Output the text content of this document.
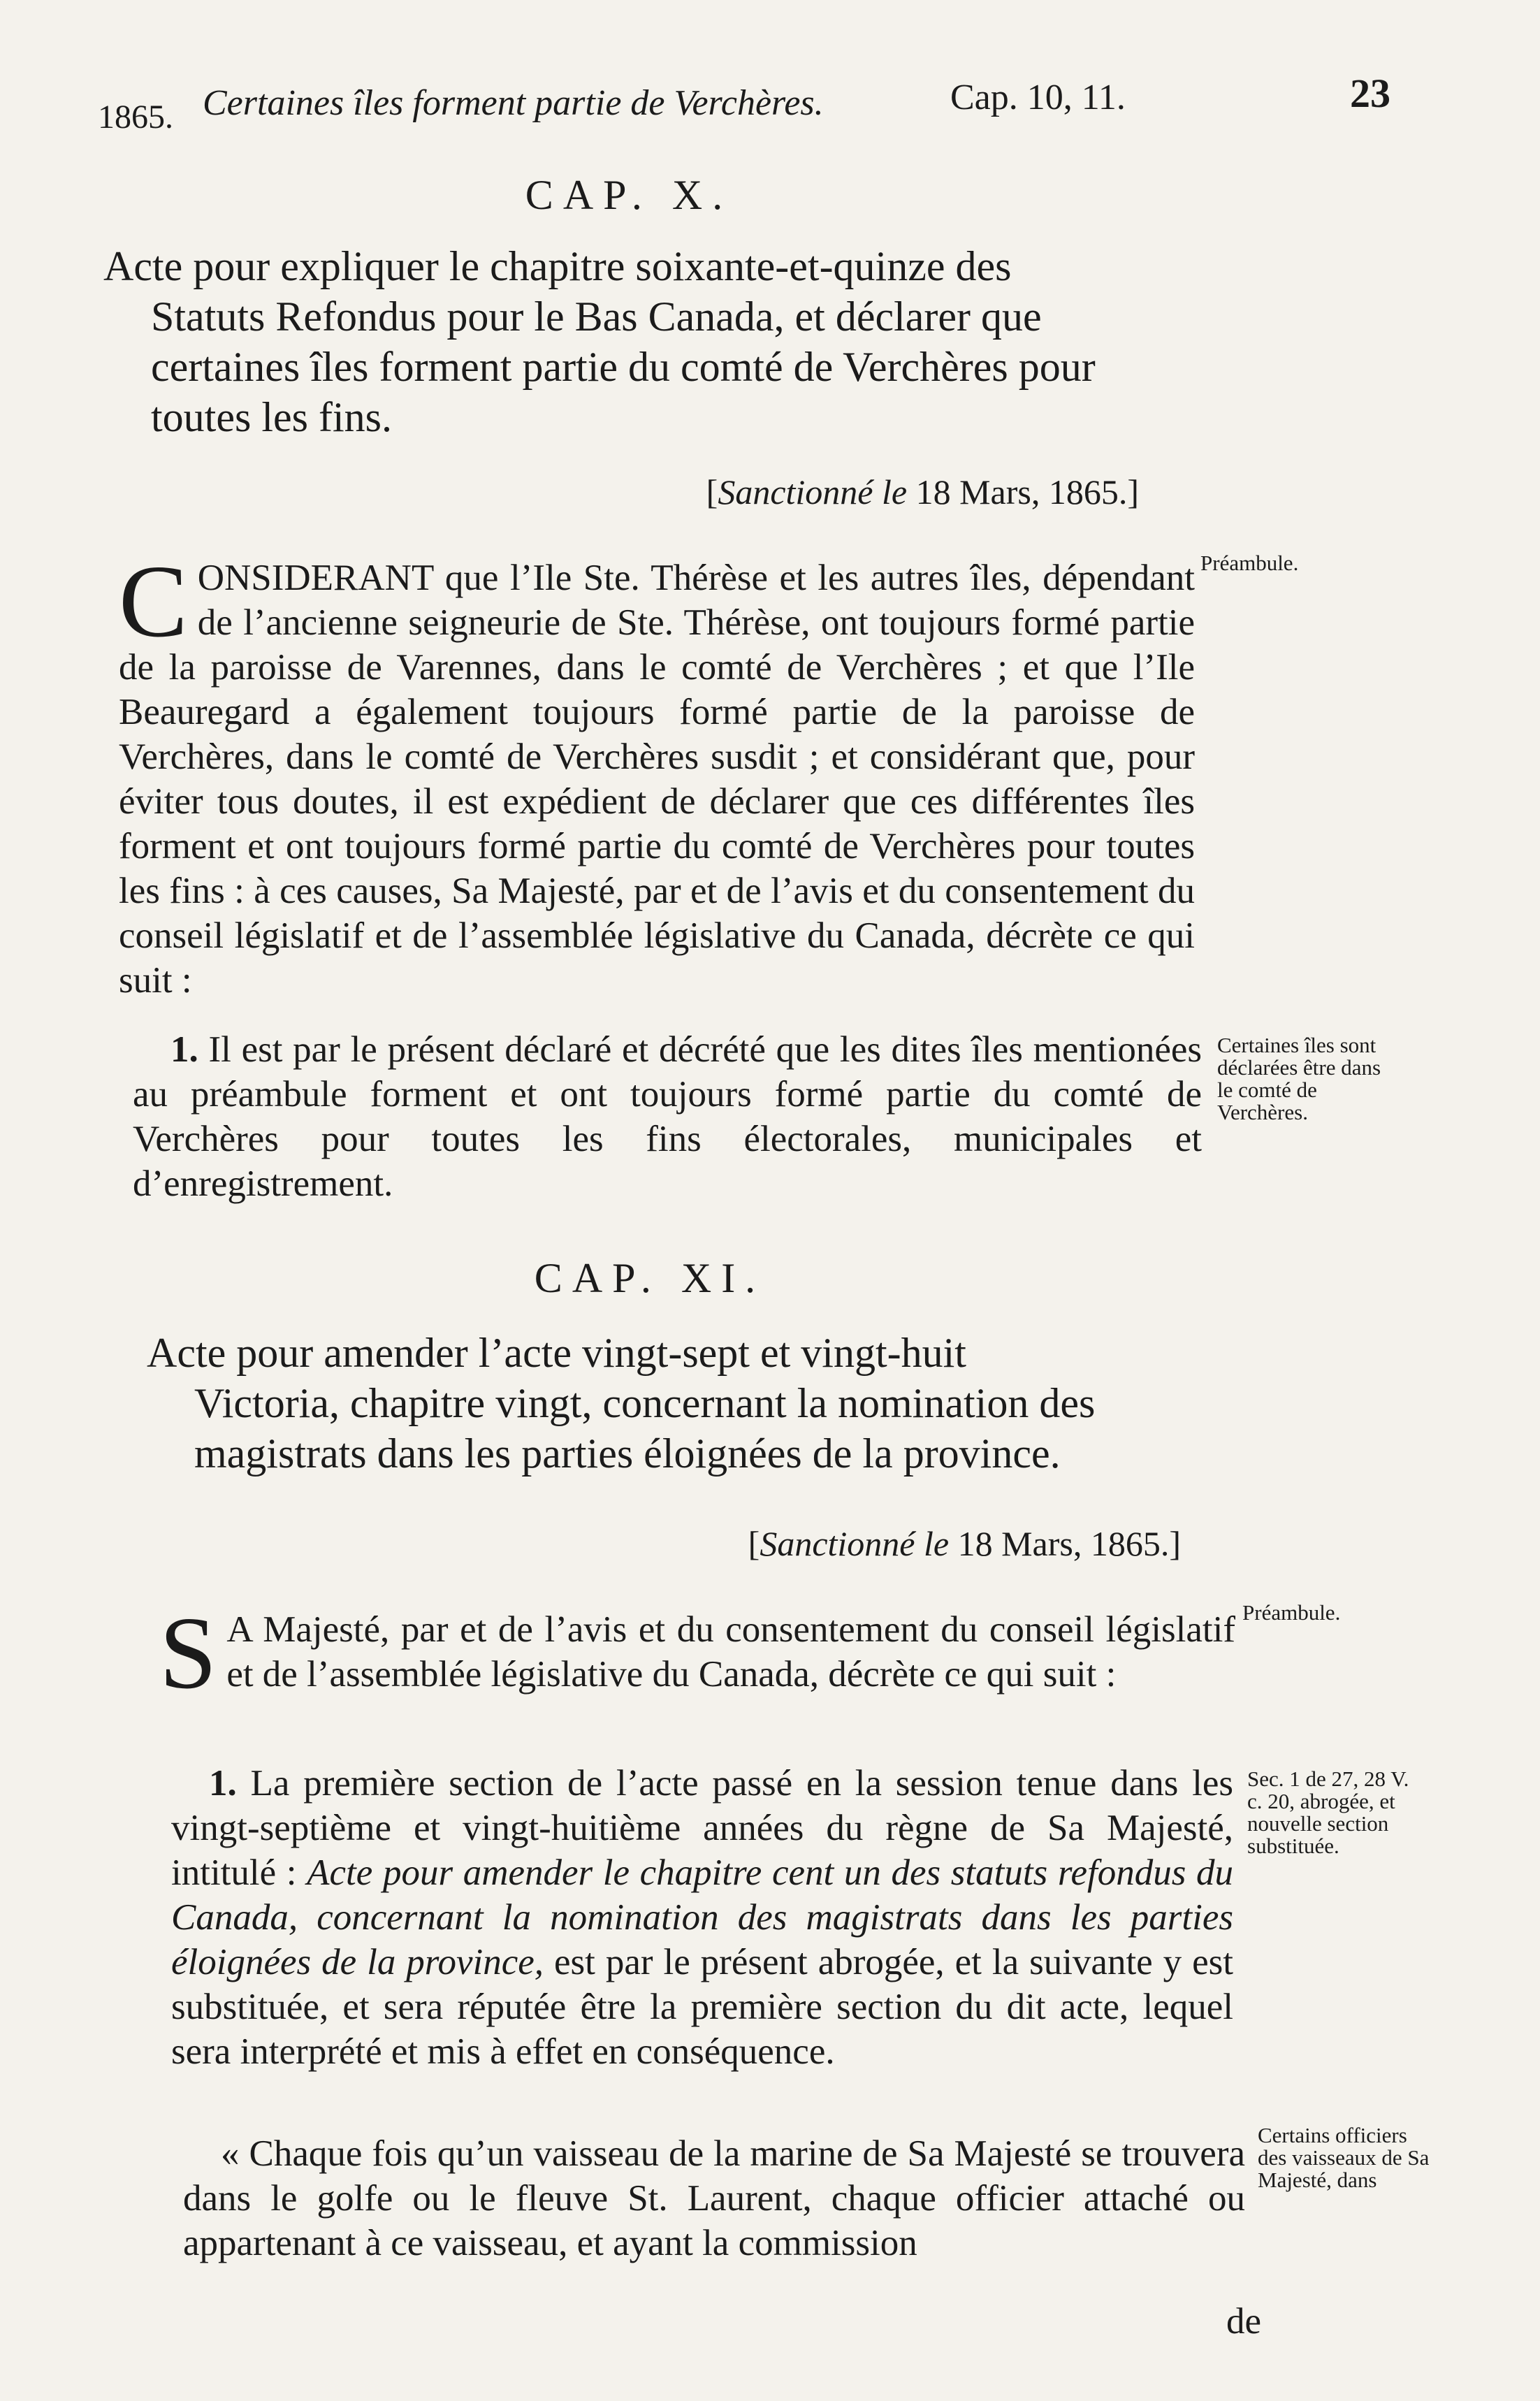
1865. Certaines îles forment partie de Verchères.	Cap. 10, 11.	23
CAP. X.
Acte pour expliquer le chapitre soixante-et-quinze des
Statuts Refondus pour le Bas Canada, et déclarer que certaines îles forment partie du comté de Verchères pour toutes les fins.
[Sanctionné le 18 Mars, 1865.]
C ONSIDERANT que l’Ile Ste. Thérèse et les autres îles, dépendant de l’ancienne seigneurie de Ste. Thérèse, ont toujours formé partie de la paroisse de Varennes, dans le comté de Verchères ; et que l’Ile Beauregard a également toujours formé partie de la paroisse de Verchères, dans le comté de Verchères susdit ; et considérant que, pour éviter tous doutes, il est expédient de déclarer que ces différentes îles forment et ont toujours formé partie du comté de Verchères pour toutes les fins : à ces causes, Sa Majesté, par et de l’avis et du consentement du conseil législatif et de l’assemblée législative du Canada, décrète ce qui suit :
Préambule.
1. Il est par le présent déclaré et décrété que les dites îles mentionées au préambule forment et ont toujours formé partie du comté de Verchères pour toutes les fins électorales, municipales et d’enregistrement.
Certaines îles sont déclarées être dans le comté de Verchères.
CAP. XI.
Acte pour amender l’acte vingt-sept et vingt-huit
Victoria, chapitre vingt, concernant la nomination des magistrats dans les parties éloignées de la province.
[Sanctionné le 18 Mars, 1865.]
S A Majesté, par et de l’avis et du consentement du conseil législatif et de l’assemblée législative du Canada, décrète ce qui suit :
Préambule.
1. La première section de l’acte passé en la session tenue dans les vingt-septième et vingt-huitième années du règne de Sa Majesté, intitulé : Acte pour amender le chapitre cent un des statuts refondus du Canada, concernant la nomination des magistrats dans les parties éloignées de la province, est par le présent abrogée, et la suivante y est substituée, et sera réputée être la première section du dit acte, lequel sera interprété et mis à effet en conséquence.
Sec. 1 de 27, 28 V. c. 20, abrogée, et nouvelle section substituée.
« Chaque fois qu’un vaisseau de la marine de Sa Majesté se trouvera dans le golfe ou le fleuve St. Laurent, chaque officier attaché ou appartenant à ce vaisseau, et ayant la commission
Certains officiers des vaisseaux de Sa Majesté, dans
de
